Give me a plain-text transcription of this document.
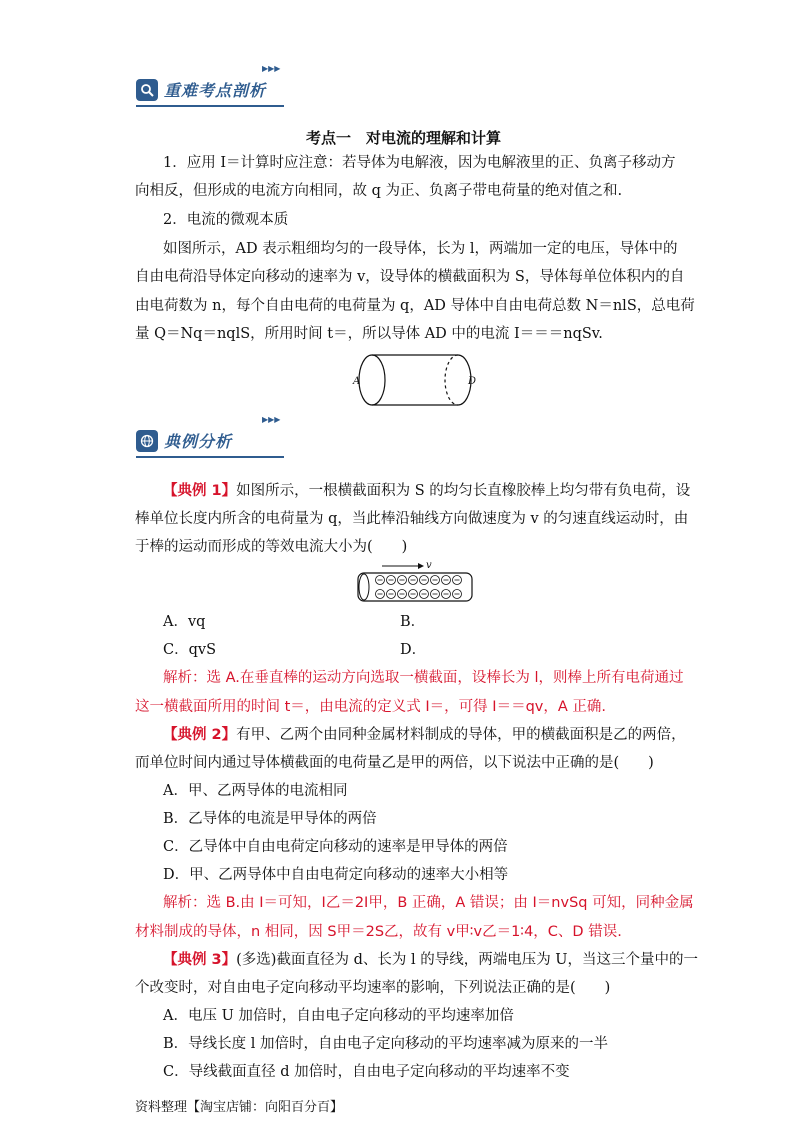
重难考点剖析
▶▶▶
考点一　对电流的理解和计算
1．应用 I＝计算时应注意：若导体为电解液，因为电解液里的正、负离子移动方
向相反，但形成的电流方向相同，故 q 为正、负离子带电荷量的绝对值之和.
2．电流的微观本质
如图所示，AD 表示粗细均匀的一段导体，长为 l，两端加一定的电压，导体中的
自由电荷沿导体定向移动的速率为 v，设导体的横截面积为 S，导体每单位体积内的自
由电荷数为 n，每个自由电荷的电荷量为 q，AD 导体中自由电荷总数 N＝nlS，总电荷
量 Q＝Nq＝nqlS，所用时间 t＝，所以导体 AD 中的电流 I＝＝＝nqSv.
A	D
典例分析
▶▶▶
【典例 1】如图所示，一根横截面积为 S 的均匀长直橡胶棒上均匀带有负电荷，设
棒单位长度内所含的电荷量为 q，当此棒沿轴线方向做速度为 v 的匀速直线运动时，由
于棒的运动而形成的等效电流大小为(　　)
v
A．vq	B．
C．qvS	D．
解析：选 A.在垂直棒的运动方向选取一横截面，设棒长为 l，则棒上所有电荷通过
这一横截面所用的时间 t＝，由电流的定义式 I＝，可得 I＝＝qv，A 正确.
【典例 2】有甲、乙两个由同种金属材料制成的导体，甲的横截面积是乙的两倍，
而单位时间内通过导体横截面的电荷量乙是甲的两倍，以下说法中正确的是(　　)
A．甲、乙两导体的电流相同
B．乙导体的电流是甲导体的两倍
C．乙导体中自由电荷定向移动的速率是甲导体的两倍
D．甲、乙两导体中自由电荷定向移动的速率大小相等
解析：选 B.由 I＝可知，I乙＝2I甲，B 正确，A 错误；由 I＝nvSq 可知，同种金属
材料制成的导体，n 相同，因 S甲＝2S乙，故有 v甲∶v乙＝1∶4，C、D 错误.
【典例 3】(多选)截面直径为 d、长为 l 的导线，两端电压为 U，当这三个量中的一
个改变时，对自由电子定向移动平均速率的影响，下列说法正确的是(　　)
A．电压 U 加倍时，自由电子定向移动的平均速率加倍
B．导线长度 l 加倍时，自由电子定向移动的平均速率减为原来的一半
C．导线截面直径 d 加倍时，自由电子定向移动的平均速率不变
资料整理【淘宝店铺：向阳百分百】
